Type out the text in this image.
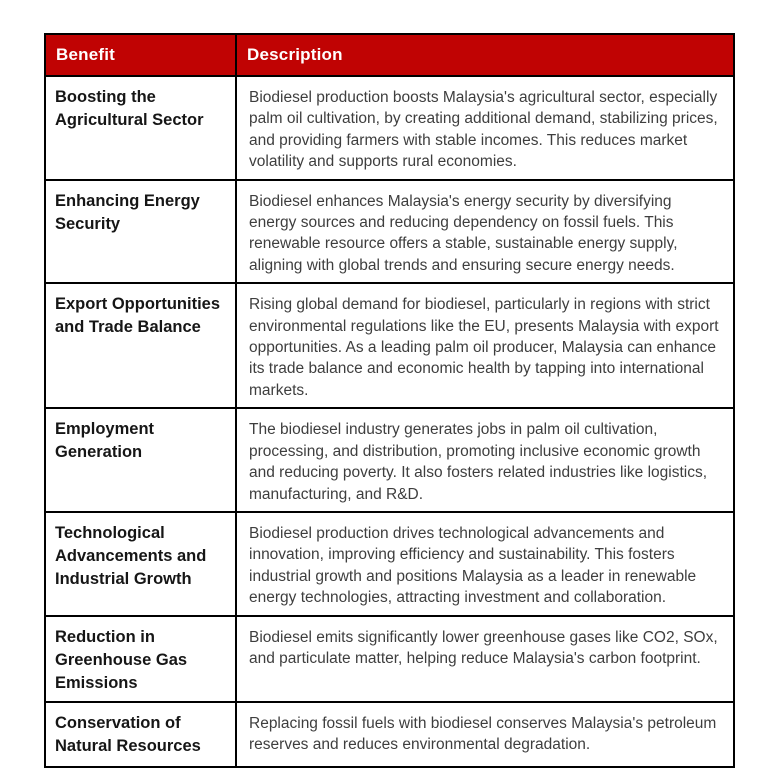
Benefit	Description
Boosting the Agricultural Sector	Biodiesel production boosts Malaysia's agricultural sector, especially palm oil cultivation, by creating additional demand, stabilizing prices, and providing farmers with stable incomes. This reduces market volatility and supports rural economies.
Enhancing Energy Security	Biodiesel enhances Malaysia's energy security by diversifying energy sources and reducing dependency on fossil fuels. This renewable resource offers a stable, sustainable energy supply, aligning with global trends and ensuring secure energy needs.
Export Opportunities and Trade Balance	Rising global demand for biodiesel, particularly in regions with strict environmental regulations like the EU, presents Malaysia with export opportunities. As a leading palm oil producer, Malaysia can enhance its trade balance and economic health by tapping into international markets.
Employment Generation	The biodiesel industry generates jobs in palm oil cultivation, processing, and distribution, promoting inclusive economic growth and reducing poverty. It also fosters related industries like logistics, manufacturing, and R&D.
Technological Advancements and Industrial Growth	Biodiesel production drives technological advancements and innovation, improving efficiency and sustainability. This fosters industrial growth and positions Malaysia as a leader in renewable energy technologies, attracting investment and collaboration.
Reduction in Greenhouse Gas Emissions	Biodiesel emits significantly lower greenhouse gases like CO2, SOx, and particulate matter, helping reduce Malaysia's carbon footprint.
Conservation of Natural Resources	Replacing fossil fuels with biodiesel conserves Malaysia's petroleum reserves and reduces environmental degradation.
